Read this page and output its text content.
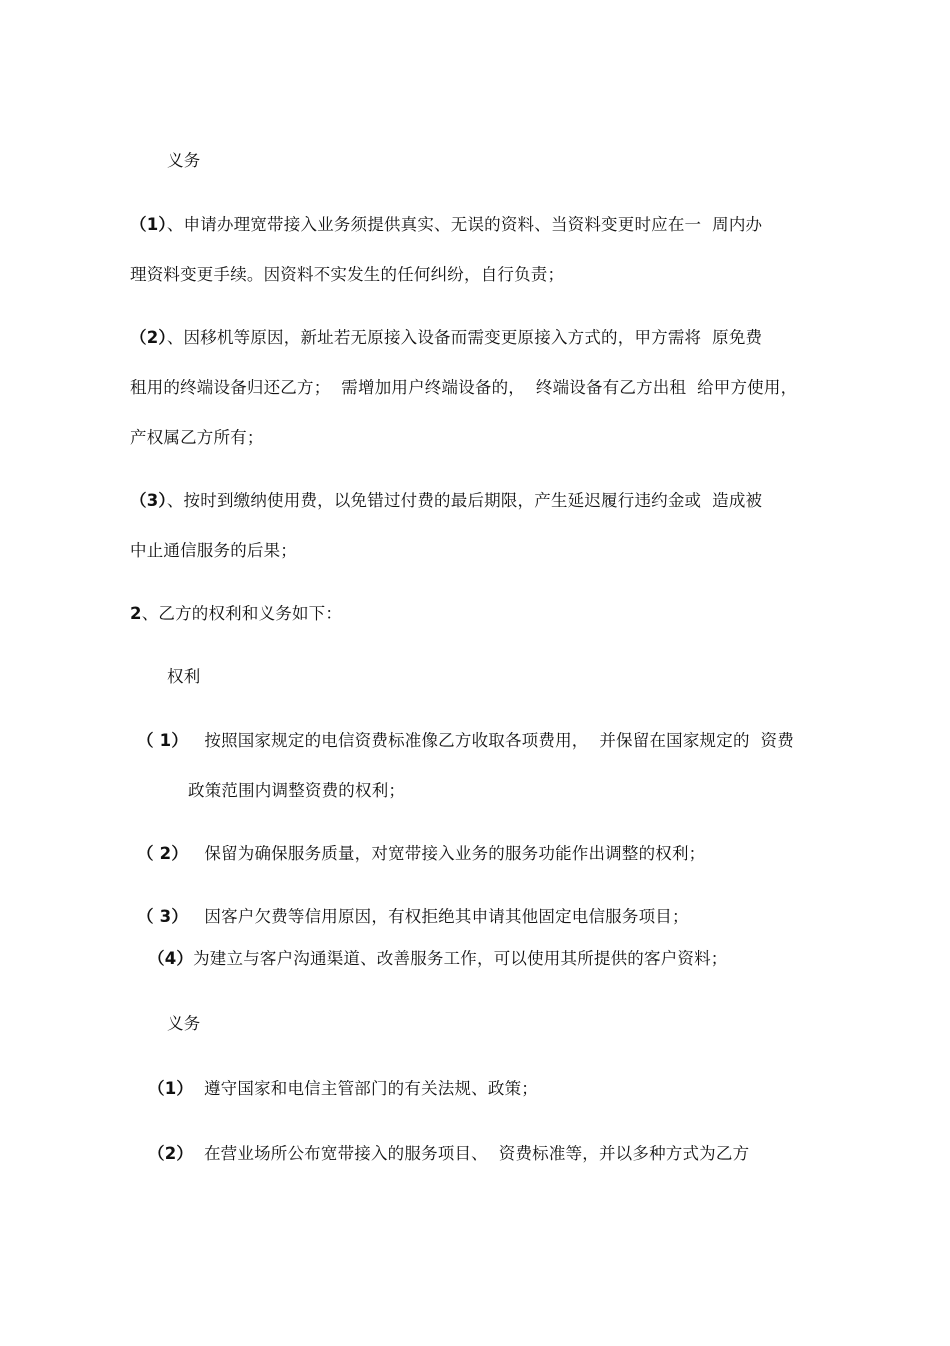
义务
（1）、申请办理宽带接入业务须提供真实、无误的资料、当资料变更时应在一  周内办
理资料变更手续。因资料不实发生的任何纠纷，自行负责；
（2）、因移机等原因，新址若无原接入设备而需变更原接入方式的，甲方需将  原免费
租用的终端设备归还乙方；  需增加用户终端设备的，  终端设备有乙方出租  给甲方使用，
产权属乙方所有；
（3）、按时到缴纳使用费，以免错过付费的最后期限，产生延迟履行违约金或  造成被
中止通信服务的后果；
2、乙方的权利和义务如下：
权利
（ 1）   按照国家规定的电信资费标准像乙方收取各项费用，  并保留在国家规定的  资费
政策范围内调整资费的权利；
（ 2）   保留为确保服务质量，对宽带接入业务的服务功能作出调整的权利；
（ 3）   因客户欠费等信用原因，有权拒绝其申请其他固定电信服务项目；
（4）为建立与客户沟通渠道、改善服务工作，可以使用其所提供的客户资料；
义务
（1）  遵守国家和电信主管部门的有关法规、政策；
（2）  在营业场所公布宽带接入的服务项目、  资费标准等，并以多种方式为乙方
